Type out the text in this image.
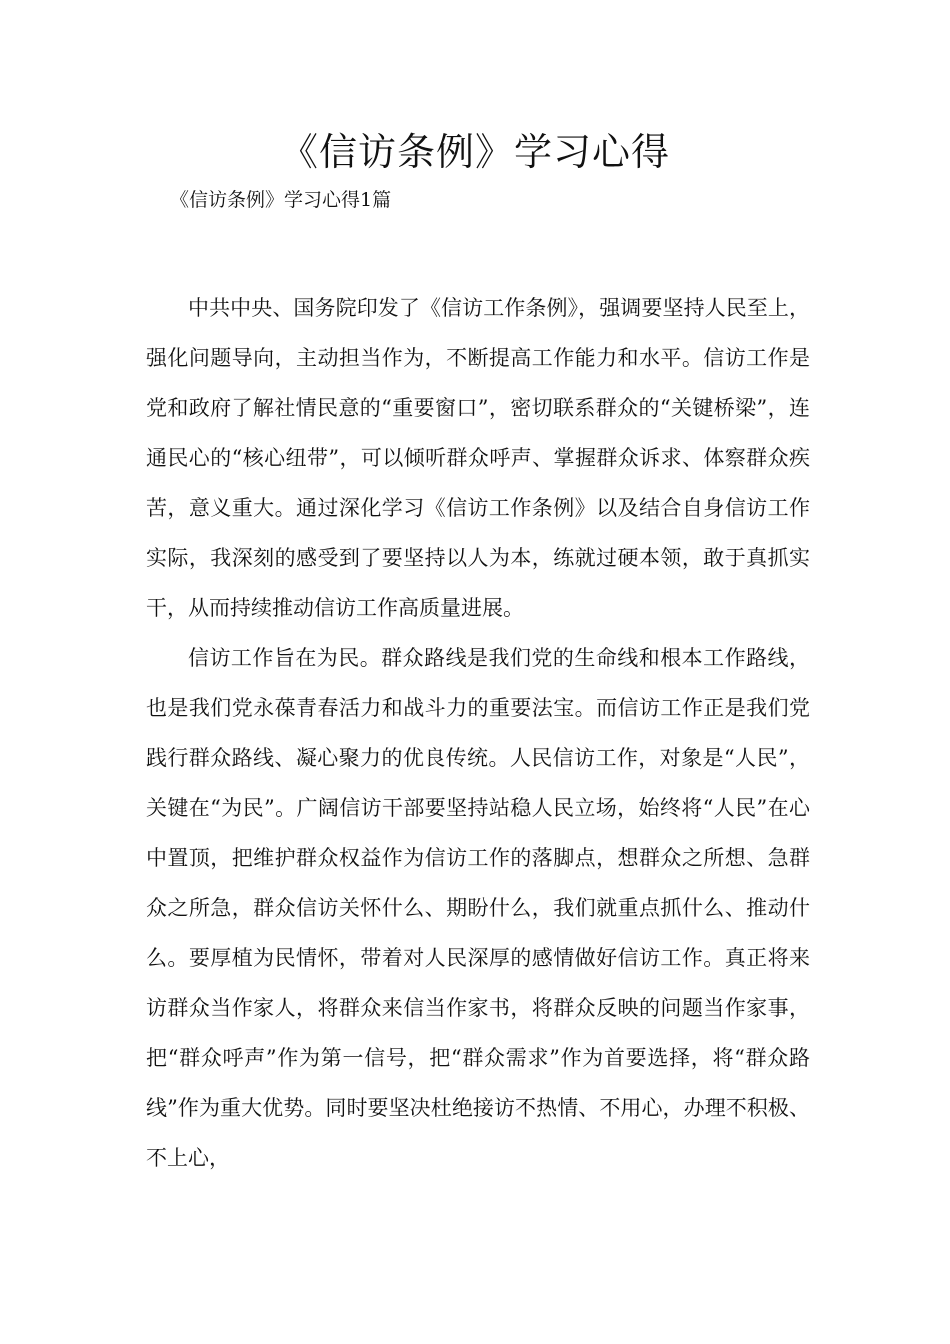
《信访条例》学习心得

《信访条例》学习心得1篇

中共中央、国务院印发了《信访工作条例》，强调要坚持人民至上，强化问题导向，主动担当作为，不断提高工作能力和水平。信访工作是党和政府了解社情民意的“重要窗口”，密切联系群众的“关键桥梁”，连通民心的“核心纽带”，可以倾听群众呼声、掌握群众诉求、体察群众疾苦，意义重大。通过深化学习《信访工作条例》以及结合自身信访工作实际，我深刻的感受到了要坚持以人为本，练就过硬本领，敢于真抓实干，从而持续推动信访工作高质量进展。

信访工作旨在为民。群众路线是我们党的生命线和根本工作路线，也是我们党永葆青春活力和战斗力的重要法宝。而信访工作正是我们党践行群众路线、凝心聚力的优良传统。人民信访工作，对象是“人民”，关键在“为民”。广阔信访干部要坚持站稳人民立场，始终将“人民”在心中置顶，把维护群众权益作为信访工作的落脚点，想群众之所想、急群众之所急，群众信访关怀什么、期盼什么，我们就重点抓什么、推动什么。要厚植为民情怀，带着对人民深厚的感情做好信访工作。真正将来访群众当作家人，将群众来信当作家书，将群众反映的问题当作家事，把“群众呼声”作为第一信号，把“群众需求”作为首要选择，将“群众路线”作为重大优势。同时要坚决杜绝接访不热情、不用心，办理不积极、不上心，
